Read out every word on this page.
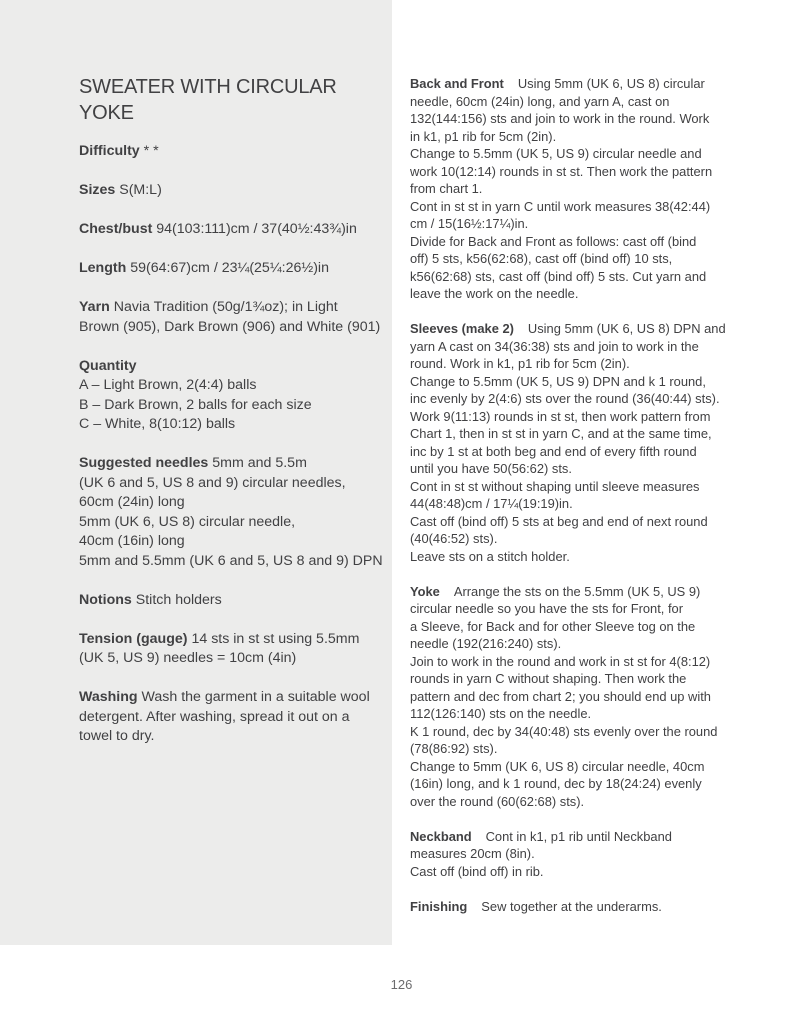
SWEATER WITH CIRCULAR YOKE
Difficulty * *
Sizes S(M:L)
Chest/bust 94(103:111)cm / 37(40½:43¾)in
Length 59(64:67)cm / 23¼(25¼:26½)in
Yarn Navia Tradition (50g/1¾oz); in Light
Brown (905), Dark Brown (906) and White (901)
Quantity
A – Light Brown, 2(4:4) balls
B – Dark Brown, 2 balls for each size
C – White, 8(10:12) balls
Suggested needles 5mm and 5.5m
(UK 6 and 5, US 8 and 9) circular needles,
60cm (24in) long
5mm (UK 6, US 8) circular needle,
40cm (16in) long
5mm and 5.5mm (UK 6 and 5, US 8 and 9) DPN
Notions Stitch holders
Tension (gauge) 14 sts in st st using 5.5mm
(UK 5, US 9) needles = 10cm (4in)
Washing Wash the garment in a suitable wool
detergent. After washing, spread it out on a
towel to dry.
Back and Front Using 5mm (UK 6, US 8) circular
needle, 60cm (24in) long, and yarn A, cast on
132(144:156) sts and join to work in the round. Work
in k1, p1 rib for 5cm (2in).
Change to 5.5mm (UK 5, US 9) circular needle and
work 10(12:14) rounds in st st. Then work the pattern
from chart 1.
Cont in st st in yarn C until work measures 38(42:44)
cm / 15(16½:17¼)in.
Divide for Back and Front as follows: cast off (bind
off) 5 sts, k56(62:68), cast off (bind off) 10 sts,
k56(62:68) sts, cast off (bind off) 5 sts. Cut yarn and
leave the work on the needle.
Sleeves (make 2) Using 5mm (UK 6, US 8) DPN and
yarn A cast on 34(36:38) sts and join to work in the
round. Work in k1, p1 rib for 5cm (2in).
Change to 5.5mm (UK 5, US 9) DPN and k 1 round,
inc evenly by 2(4:6) sts over the round (36(40:44) sts).
Work 9(11:13) rounds in st st, then work pattern from
Chart 1, then in st st in yarn C, and at the same time,
inc by 1 st at both beg and end of every fifth round
until you have 50(56:62) sts.
Cont in st st without shaping until sleeve measures
44(48:48)cm / 17¼(19:19)in.
Cast off (bind off) 5 sts at beg and end of next round
(40(46:52) sts).
Leave sts on a stitch holder.
Yoke Arrange the sts on the 5.5mm (UK 5, US 9)
circular needle so you have the sts for Front, for
a Sleeve, for Back and for other Sleeve tog on the
needle (192(216:240) sts).
Join to work in the round and work in st st for 4(8:12)
rounds in yarn C without shaping. Then work the
pattern and dec from chart 2; you should end up with
112(126:140) sts on the needle.
K 1 round, dec by 34(40:48) sts evenly over the round
(78(86:92) sts).
Change to 5mm (UK 6, US 8) circular needle, 40cm
(16in) long, and k 1 round, dec by 18(24:24) evenly
over the round (60(62:68) sts).
Neckband Cont in k1, p1 rib until Neckband
measures 20cm (8in).
Cast off (bind off) in rib.
Finishing Sew together at the underarms.
126
